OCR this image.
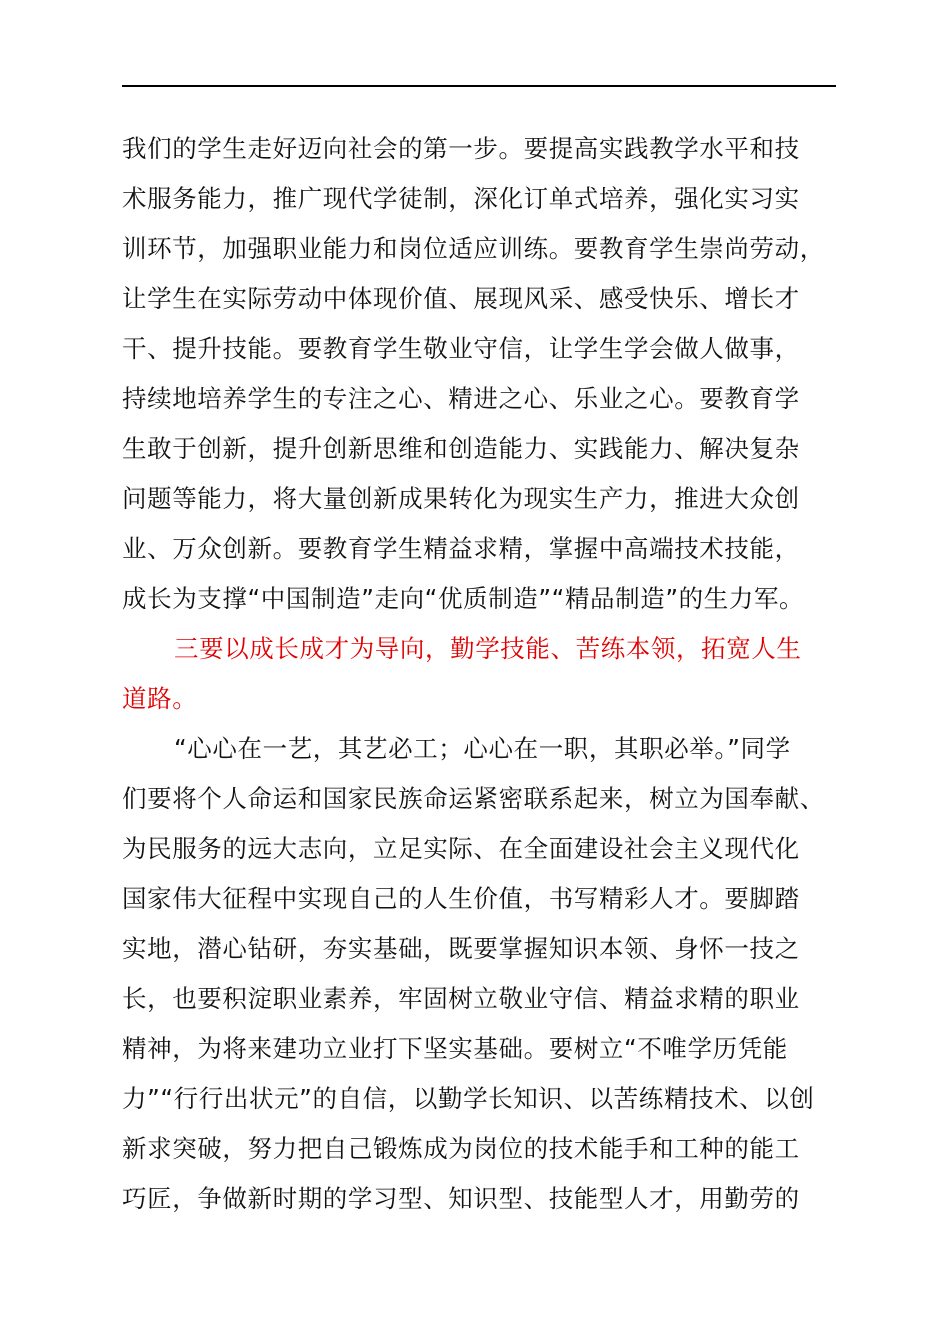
我们的学生走好迈向社会的第一步。要提高实践教学水平和技
术服务能力，推广现代学徒制，深化订单式培养，强化实习实
训环节，加强职业能力和岗位适应训练。要教育学生崇尚劳动，
让学生在实际劳动中体现价值、展现风采、感受快乐、增长才
干、提升技能。要教育学生敬业守信，让学生学会做人做事，
持续地培养学生的专注之心、精进之心、乐业之心。要教育学
生敢于创新，提升创新思维和创造能力、实践能力、解决复杂
问题等能力，将大量创新成果转化为现实生产力，推进大众创
业、万众创新。要教育学生精益求精，掌握中高端技术技能，
成长为支撑“中国制造”走向“优质制造”“精品制造”的生力军。
三要以成长成才为导向，勤学技能、苦练本领，拓宽人生
道路。
“心心在一艺，其艺必工；心心在一职，其职必举。”同学
们要将个人命运和国家民族命运紧密联系起来，树立为国奉献、
为民服务的远大志向，立足实际、在全面建设社会主义现代化
国家伟大征程中实现自己的人生价值，书写精彩人才。要脚踏
实地，潜心钻研，夯实基础，既要掌握知识本领、身怀一技之
长，也要积淀职业素养，牢固树立敬业守信、精益求精的职业
精神，为将来建功立业打下坚实基础。要树立“不唯学历凭能
力”“行行出状元”的自信，以勤学长知识、以苦练精技术、以创
新求突破，努力把自己锻炼成为岗位的技术能手和工种的能工
巧匠，争做新时期的学习型、知识型、技能型人才，用勤劳的
